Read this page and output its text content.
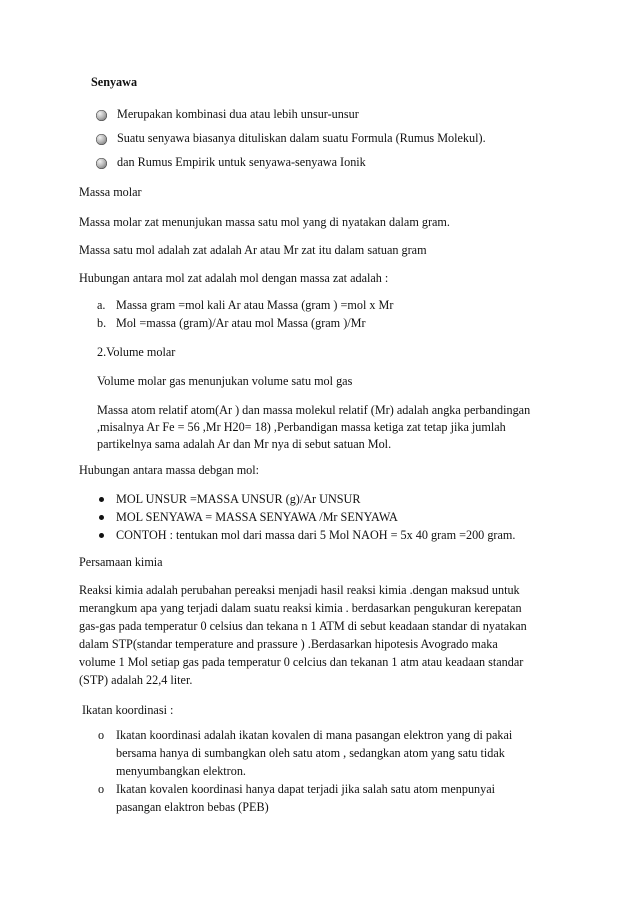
Senyawa
Merupakan kombinasi dua atau lebih unsur-unsur
Suatu senyawa biasanya dituliskan dalam suatu Formula (Rumus Molekul).
dan Rumus Empirik untuk senyawa-senyawa Ionik
Massa molar
Massa molar zat menunjukan massa satu mol yang di nyatakan dalam gram.
Massa satu mol adalah zat adalah Ar atau Mr zat itu dalam satuan gram
Hubungan antara mol zat adalah mol dengan massa zat adalah :
a. Massa gram =mol kali Ar atau Massa (gram ) =mol x Mr
b. Mol =massa (gram)/Ar atau mol Massa (gram )/Mr
2.Volume molar
Volume molar gas menunjukan volume satu mol gas
Massa atom relatif atom(Ar ) dan massa molekul relatif (Mr) adalah angka perbandingan
,misalnya Ar Fe = 56 ,Mr H20= 18) ,Perbandigan massa ketiga zat tetap jika jumlah
partikelnya sama adalah Ar dan Mr nya di sebut satuan Mol.
Hubungan antara massa debgan mol:
MOL UNSUR =MASSA UNSUR (g)/Ar UNSUR
MOL SENYAWA = MASSA SENYAWA /Mr SENYAWA
CONTOH : tentukan mol dari massa dari 5 Mol NAOH = 5x 40 gram =200 gram.
Persamaan kimia
Reaksi kimia adalah perubahan pereaksi menjadi hasil reaksi kimia .dengan maksud untuk
merangkum apa yang terjadi dalam suatu reaksi kimia . berdasarkan pengukuran kerepatan
gas-gas pada temperatur 0 celsius dan tekana n 1 ATM di sebut keadaan standar di nyatakan
dalam STP(standar temperature and prassure ) .Berdasarkan hipotesis Avogrado maka
volume 1 Mol setiap gas pada temperatur 0 celcius dan tekanan 1 atm atau keadaan standar
(STP) adalah 22,4 liter.
Ikatan koordinasi :
o Ikatan koordinasi adalah ikatan kovalen di mana pasangan elektron yang di pakai
bersama hanya di sumbangkan oleh satu atom , sedangkan atom yang satu tidak
menyumbangkan elektron.
o Ikatan kovalen koordinasi hanya dapat terjadi jika salah satu atom menpunyai
pasangan elaktron bebas (PEB)
